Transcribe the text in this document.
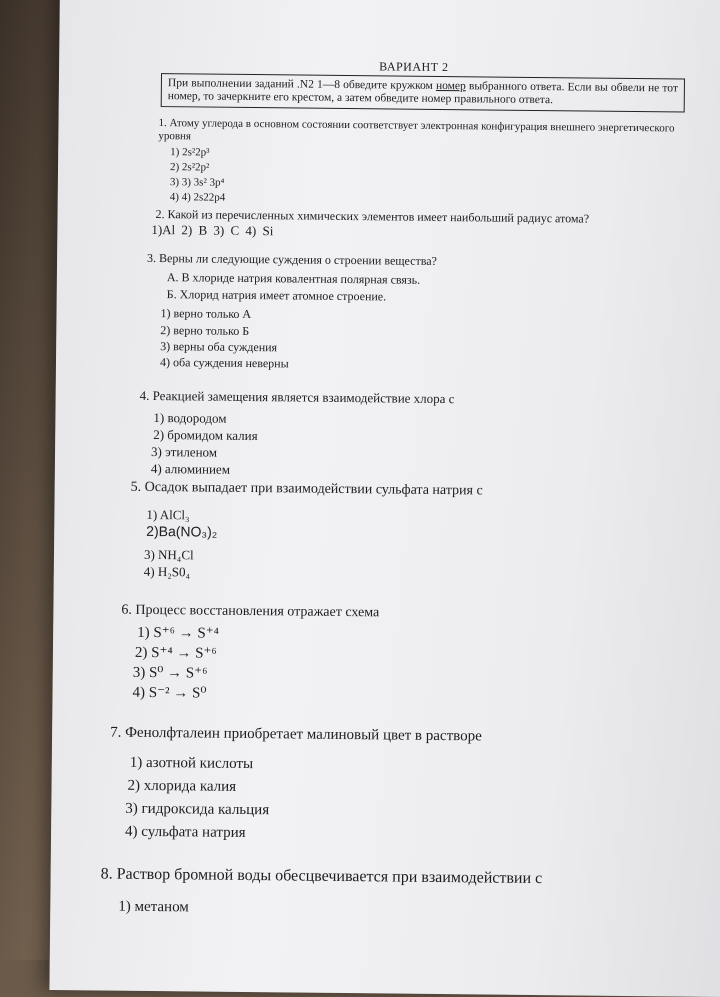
ВАРИАНТ 2
При выполнении заданий .N2 1—8 обведите кружком номер выбранного ответа. Если вы обвели не тот номер, то зачеркните его крестом, а затем обведите номер правильного ответа.
1. Атому углерода в основном состоянии соответствует электронная конфигурация внешнего энергетического уровня
1) 2s²2p³
2) 2s²2p²
3) 3) 3s² 3p⁴
4) 4) 2s22p4
2. Какой из перечисленных химических элементов имеет наибольший радиус атома?
1)Al 2) B 3) C 4) Si
3. Верны ли следующие суждения о строении вещества?
А. В хлориде натрия ковалентная полярная связь.
Б. Хлорид натрия имеет атомное строение.
1) верно только А
2) верно только Б
3) верны оба суждения
4) оба суждения неверны
4. Реакцией замещения является взаимодействие хлора с
1) водородом
2) бромидом калия
3) этиленом
4) алюминием
5. Осадок выпадает при взаимодействии сульфата натрия с
1) AlCl₃
2)Ba(NO₃)₂
3) NH₄Cl
4) H₂S0₄
6. Процесс восстановления отражает схема
1) S⁺⁶ → S⁺⁴
2) S⁺⁴ → S⁺⁶
3) S⁰ → S⁺⁶
4) S⁻² → S⁰
7. Фенолфталеин приобретает малиновый цвет в растворе
1) азотной кислоты
2) хлорида калия
3) гидроксида кальция
4) сульфата натрия
8. Раствор бромной воды обесцвечивается при взаимодействии с
1) метаном
